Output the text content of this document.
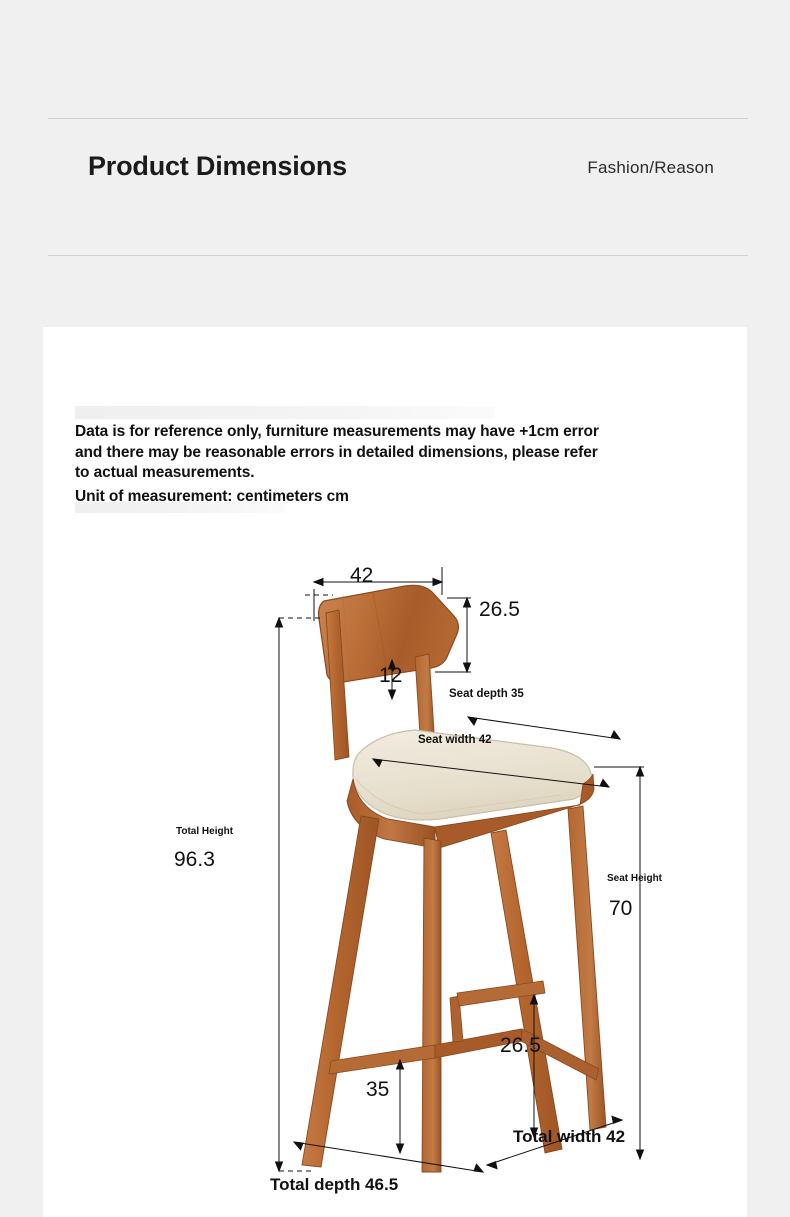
Product Dimensions	Fashion/Reason
Data is for reference only, furniture measurements may have +1cm error and there may be reasonable errors in detailed dimensions, please refer to actual measurements.
Unit of measurement: centimeters cm
42
26.5
12
Seat depth 35
Seat width 42
Total Height
96.3
Seat Height
70
35
26.5
Total width 42
Total depth 46.5
